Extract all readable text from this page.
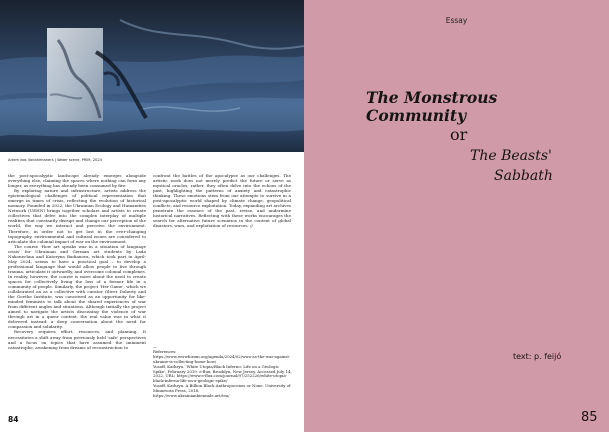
Artem dos Varlahimaners | Water scene, PRIM, 2024

the post-apocalyptic landscape already emerges alongside everything else, claiming the spaces where nothing can form any longer, as everything has already been consumed by fire.

By exploring nature and infrastructure, artists address the epistemological challenges of political representation that emerge in times of crisis, reflecting the evolution of historical memory. Founded in 2022, the Ukrainian Ecology and Humanities Network (UEHN) brings together scholars and artists to create collectives that delve into the complex interplay of multiple realities that constantly disrupt and change our perception of the world, the way we interact and perceive the environment. Therefore, in order not to get lost in the ever-changing topography, environmental and cultural issues are considered to articulate the colonial impact of war on the environment.

The course 'How art speaks war in a situation of language crisis' for Ukrainian and German art students by Lada Nakonechna and Kateryna Badianova, which took part in April-May 2024, seems to have a practical goal – to develop a professional language that would allow people to live through trauma, articulate it outwardly, and overcome colonial complexes. In reality, however, the course is more about the need to create spaces for collectively living the loss of a former life in a community of people. Similarly, the project 'Her Game', which we collaborated on as a collective with curator Oliver Doherty and the Goethe Institute, was conceived as an opportunity for like-minded feminists to talk about the shared experiences of war from different angles and situations. Although initially the project aimed to navigate the artists discussing the violence of war through art in a queer context, the real value was in what it delivered instead: a deep conversation about the need for compassion and solidarity.

Recovery requires effort, resources, and planning. It necessitates a shift away from previously held 'safe' perspectives and a focus on topics that have assumed the imminent catastrophe, awakening from dreams of reconstruction to

confront the battles of the apocalypse as our challenges. The artistic work does not merely predict the future or serve as mystical oracles; rather, they often delve into the echoes of the past, highlighting the patterns of anxiety and catastrophic thinking. These emotions stem from our attempts to survive in a post-apocalyptic world shaped by climate change, geopolitical conflicts, and resource exploitation. Today, expanding art archives penetrate the essence of the past, revise, and undermine historical narratives. Reflecting with these works encourages the search for alternative future scenarios in the context of global disasters, wars, and exploitation of resources. //

—
References:
https://www.wwwforum.org/agenda/2024/02/wwo-as-the-war-against-ukraine-is-collecting-home-how/
Yusoff, Kathryn. 'White Utopia/Black Inferno: Life on a Geologic Spike', February 2019. e-flux, Brooklyn, New Jersey. Accessed July 14, 2022. URL: https://www.e-flux.com/journal/97/252226/white-utopia-black-inferno-life-on-a-geologic-spike/
Yusoff, Kathryn. A Billion Black Anthropocenes or None. University of Minnesota Press, 2018.
https://www.ukrainianbiennale.art/tea/
84
Essay
The Monstrous
Community
or
The Beasts'
Sabbath
text: p. feijó
85
